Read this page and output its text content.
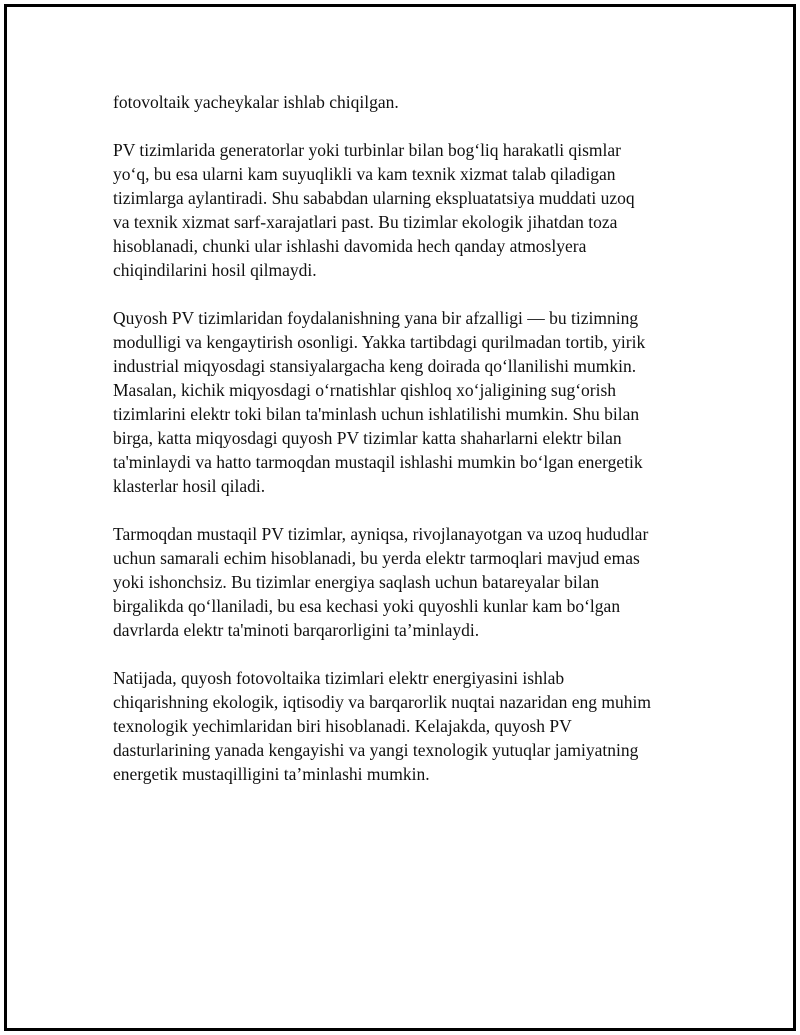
fotovoltaik yacheykalar ishlab chiqilgan.

PV tizimlarida generatorlar yoki turbinlar bilan bog‘liq harakatli qismlar
yo‘q, bu esa ularni kam suyuqlikli va kam texnik xizmat talab qiladigan
tizimlarga aylantiradi. Shu sababdan ularning ekspluatatsiya muddati uzoq
va texnik xizmat sarf-xarajatlari past. Bu tizimlar ekologik jihatdan toza
hisoblanadi, chunki ular ishlashi davomida hech qanday atmoslyera
chiqindilarini hosil qilmaydi.

Quyosh PV tizimlaridan foydalanishning yana bir afzalligi — bu tizimning
modulligi va kengaytirish osonligi. Yakka tartibdagi qurilmadan tortib, yirik
industrial miqyosdagi stansiyalargacha keng doirada qo‘llanilishi mumkin.
Masalan, kichik miqyosdagi o‘rnatishlar qishloq xo‘jaligining sug‘orish
tizimlarini elektr toki bilan ta'minlash uchun ishlatilishi mumkin. Shu bilan
birga, katta miqyosdagi quyosh PV tizimlar katta shaharlarni elektr bilan
ta'minlaydi va hatto tarmoqdan mustaqil ishlashi mumkin bo‘lgan energetik
klasterlar hosil qiladi.

Tarmoqdan mustaqil PV tizimlar, ayniqsa, rivojlanayotgan va uzoq hududlar
uchun samarali echim hisoblanadi, bu yerda elektr tarmoqlari mavjud emas
yoki ishonchsiz. Bu tizimlar energiya saqlash uchun batareyalar bilan
birgalikda qo‘llaniladi, bu esa kechasi yoki quyoshli kunlar kam bo‘lgan
davrlarda elektr ta'minoti barqarorligini ta’minlaydi.

Natijada, quyosh fotovoltaika tizimlari elektr energiyasini ishlab
chiqarishning ekologik, iqtisodiy va barqarorlik nuqtai nazaridan eng muhim
texnologik yechimlaridan biri hisoblanadi. Kelajakda, quyosh PV
dasturlarining yanada kengayishi va yangi texnologik yutuqlar jamiyatning
energetik mustaqilligini ta’minlashi mumkin.
